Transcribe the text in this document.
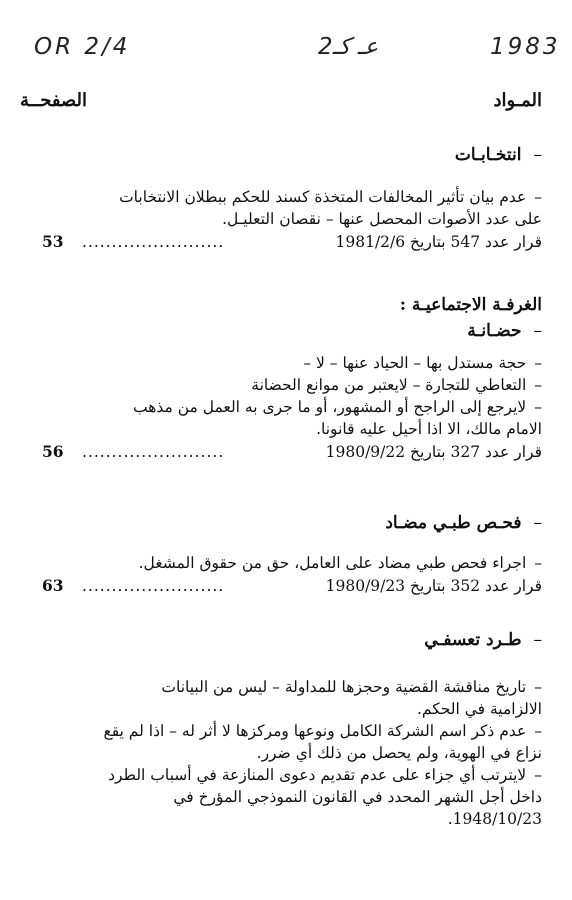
OR 2/4	عـ كـ2	1983
المـواد
الصفحــة
–انتخـابـات
–عدم بيان تأثير المخالفات المتخذة كسند للحكم ببطلان الانتخابات
على عدد الأصوات المحصل عنها – نقصان التعليـل.
قرار عدد 547 بتاريخ 1981/2/6
........................
53
الغرفـة الاجتماعيـة :
–حضـانـة
–حجة مستدل بها – الحياد عنها – لا –
–التعاطي للتجارة – لايعتبر من موانع الحضانة
–لايرجع إلى الراجح أو المشهور، أو ما جرى به العمل من مذهب
الامام مالك، الا اذا أحيل عليه قانونا.
قرار عدد 327 بتاريخ 1980/9/22
........................
56
–فحـص طبـي مضـاد
–اجراء فحص طبي مضاد على العامل، حق من حقوق المشغل.
قرار عدد 352 بتاريخ 1980/9/23
........................
63
–طـرد تعسفـي
–تاريخ مناقشة القضية وحجزها للمداولة – ليس من البيانات
الالزامية في الحكم.
–عدم ذكر اسم الشركة الكامل ونوعها ومركزها لا أثر له – اذا لم يقع
نزاع في الهوية، ولم يحصل من ذلك أي ضرر.
–لايترتب أي جزاء على عدم تقديم دعوى المنازعة في أسباب الطرد
داخل أجل الشهر المحدد في القانون النموذجي المؤرخ في
1948/10/23.
